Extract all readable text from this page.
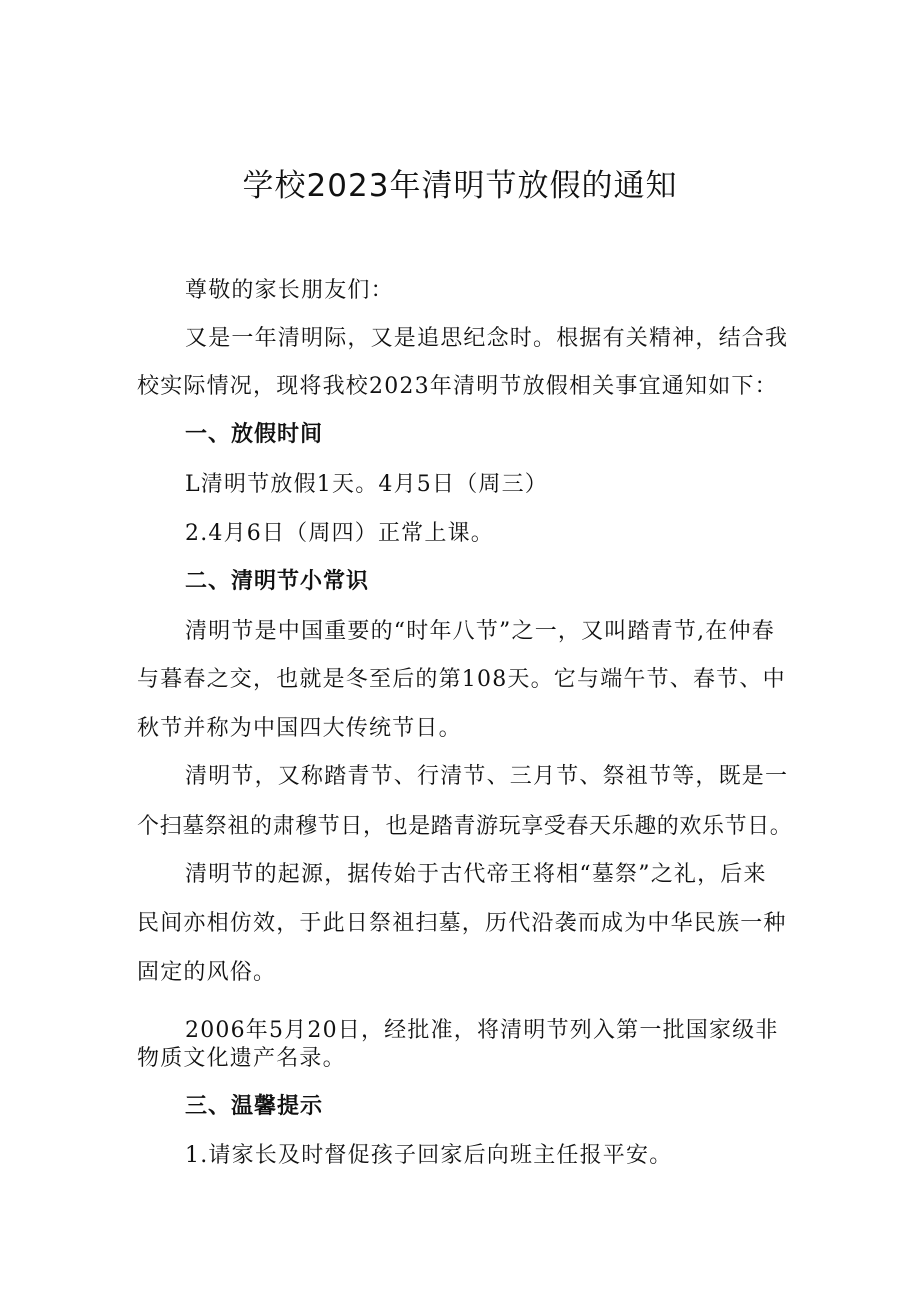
学校2023年清明节放假的通知
尊敬的家长朋友们：
又是一年清明际，又是追思纪念时。根据有关精神，结合我
校实际情况，现将我校2023年清明节放假相关事宜通知如下：
一、放假时间
L清明节放假1天。4月5日（周三）
2.4月6日（周四）正常上课。
二、清明节小常识
清明节是中国重要的“时年八节”之一，又叫踏青节,在仲春
与暮春之交，也就是冬至后的第108天。它与端午节、春节、中
秋节并称为中国四大传统节日。
清明节，又称踏青节、行清节、三月节、祭祖节等，既是一
个扫墓祭祖的肃穆节日，也是踏青游玩享受春天乐趣的欢乐节日。
清明节的起源，据传始于古代帝王将相“墓祭”之礼，后来
民间亦相仿效，于此日祭祖扫墓，历代沿袭而成为中华民族一种
固定的风俗。
2006年5月20日，经批准，将清明节列入第一批国家级非
物质文化遗产名录。
三、温馨提示
1.请家长及时督促孩子回家后向班主任报平安。
